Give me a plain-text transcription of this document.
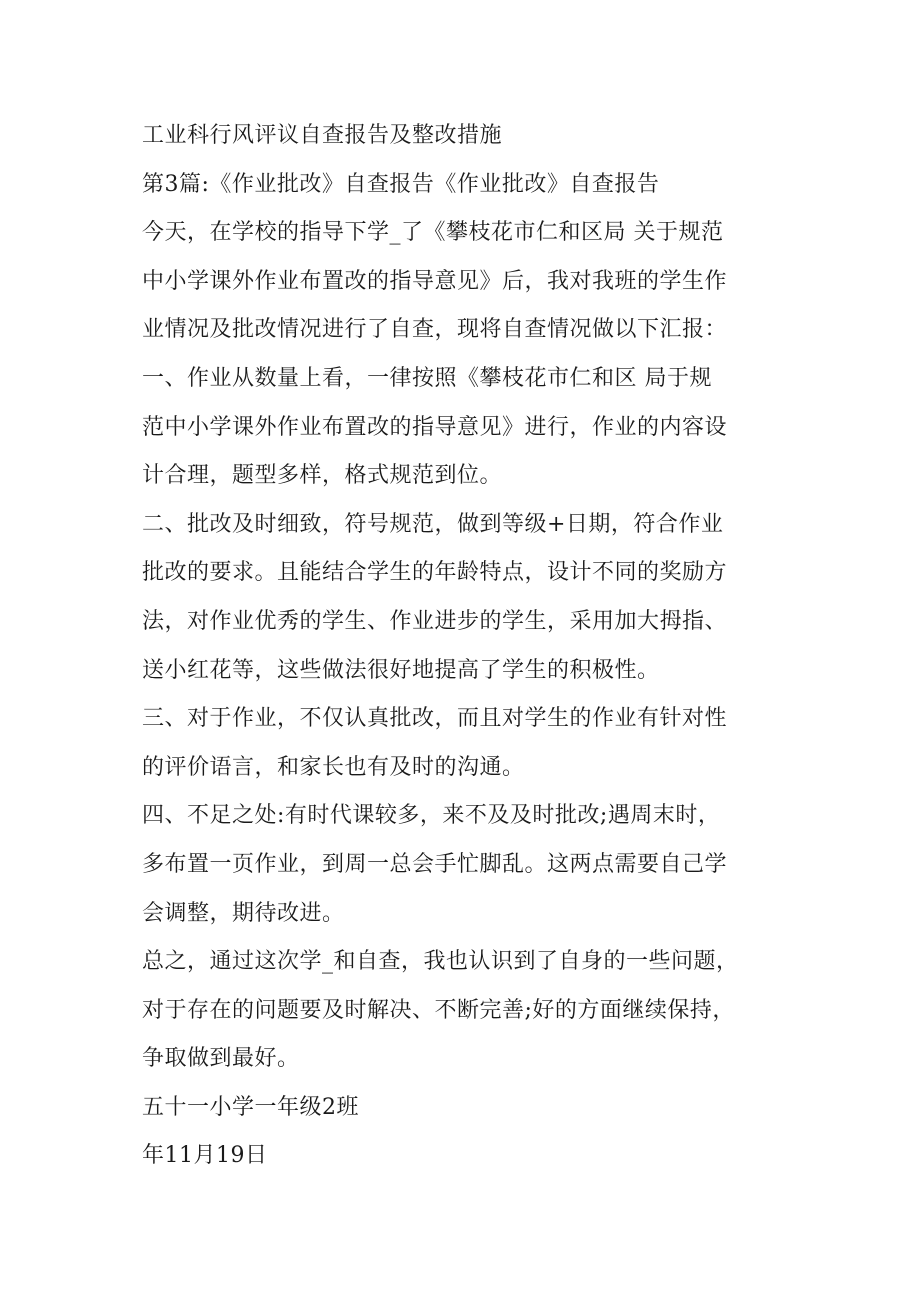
工业科行风评议自查报告及整改措施
第3篇:《作业批改》自查报告《作业批改》自查报告
今天，在学校的指导下学_了《攀枝花市仁和区局 关于规范
中小学课外作业布置改的指导意见》后，我对我班的学生作
业情况及批改情况进行了自查，现将自查情况做以下汇报：
一、作业从数量上看，一律按照《攀枝花市仁和区 局于规
范中小学课外作业布置改的指导意见》进行，作业的内容设
计合理，题型多样，格式规范到位。
二、批改及时细致，符号规范，做到等级+日期，符合作业
批改的要求。且能结合学生的年龄特点，设计不同的奖励方
法，对作业优秀的学生、作业进步的学生，采用加大拇指、
送小红花等，这些做法很好地提高了学生的积极性。
三、对于作业，不仅认真批改，而且对学生的作业有针对性
的评价语言，和家长也有及时的沟通。
四、不足之处:有时代课较多，来不及及时批改;遇周末时，
多布置一页作业，到周一总会手忙脚乱。这两点需要自己学
会调整，期待改进。
总之，通过这次学_和自查，我也认识到了自身的一些问题，
对于存在的问题要及时解决、不断完善;好的方面继续保持，
争取做到最好。
五十一小学一年级2班
年11月19日
